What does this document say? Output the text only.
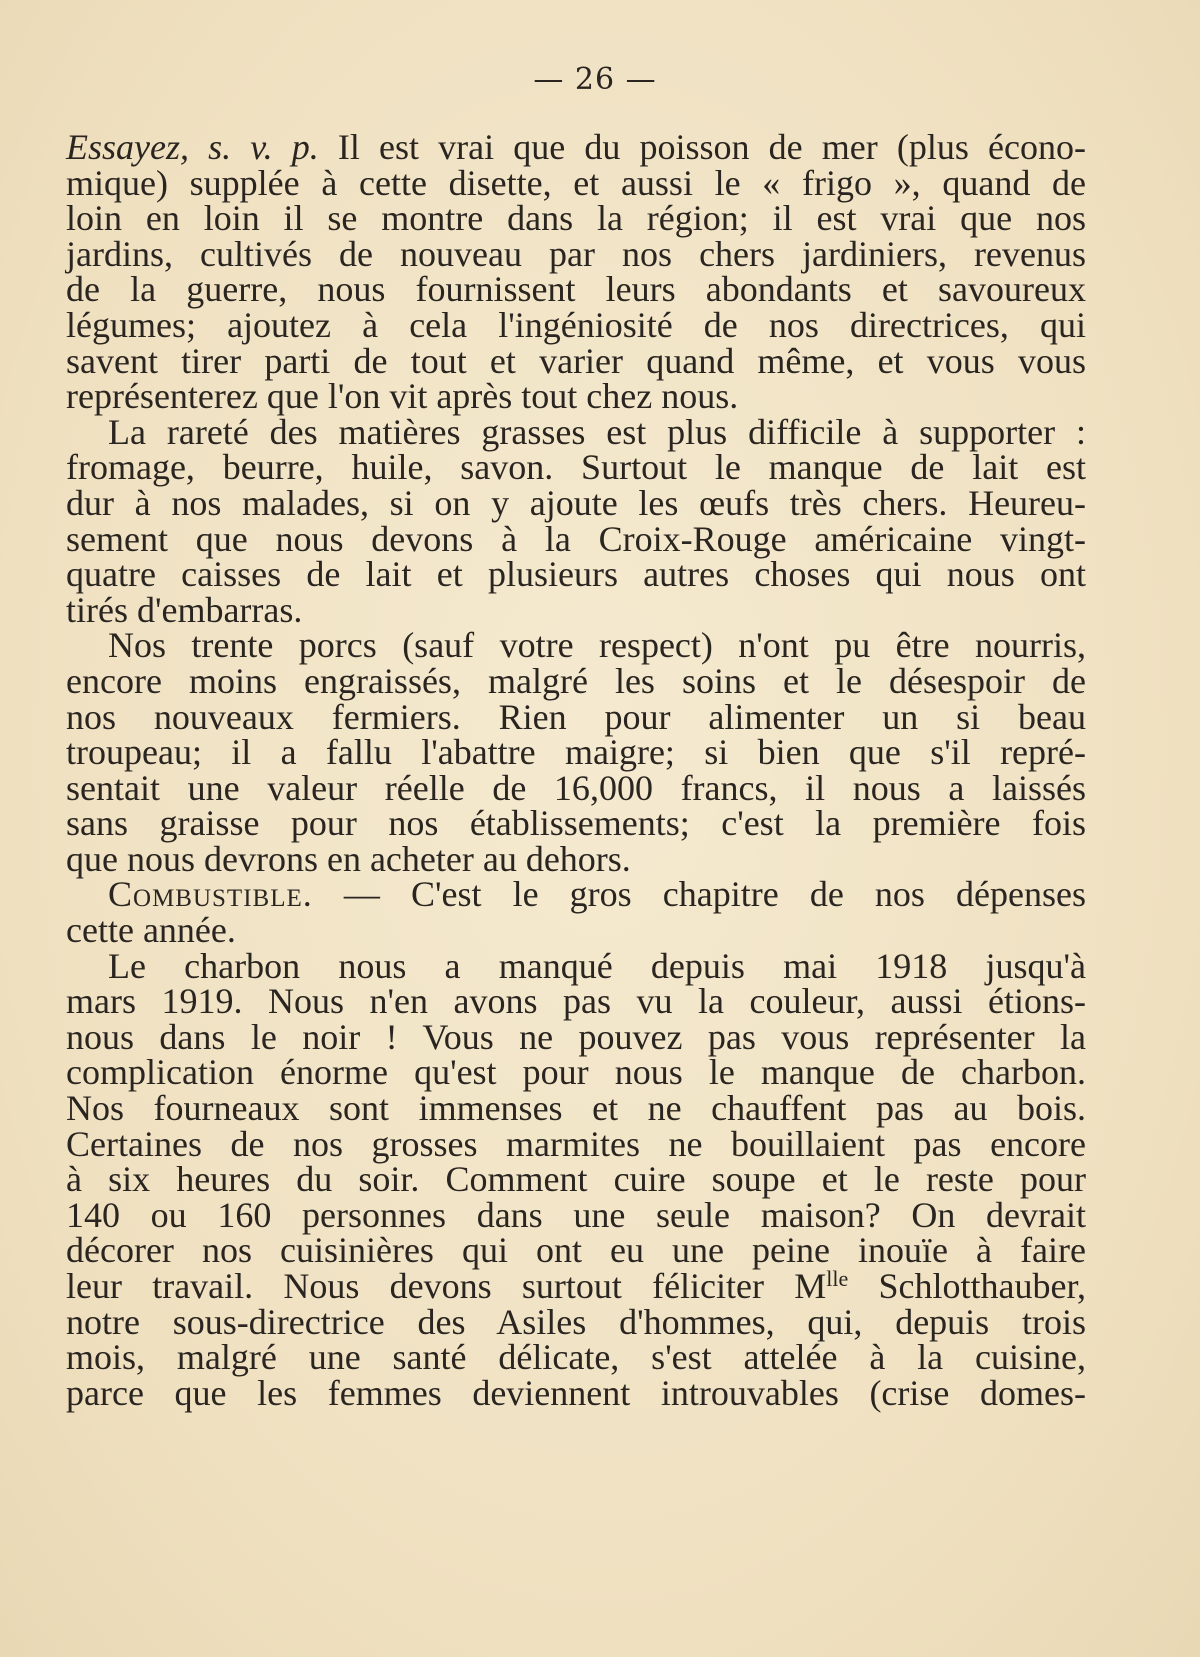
— 26 —
Essayez, s. v. p. Il est vrai que du poisson de mer (plus écono-
mique) supplée à cette disette, et aussi le « frigo », quand de
loin en loin il se montre dans la région; il est vrai que nos
jardins, cultivés de nouveau par nos chers jardiniers, revenus
de la guerre, nous fournissent leurs abondants et savoureux
légumes; ajoutez à cela l'ingéniosité de nos directrices, qui
savent tirer parti de tout et varier quand même, et vous vous
représenterez que l'on vit après tout chez nous.
La rareté des matières grasses est plus difficile à supporter :
fromage, beurre, huile, savon. Surtout le manque de lait est
dur à nos malades, si on y ajoute les œufs très chers. Heureu-
sement que nous devons à la Croix-Rouge américaine vingt-
quatre caisses de lait et plusieurs autres choses qui nous ont
tirés d'embarras.
Nos trente porcs (sauf votre respect) n'ont pu être nourris,
encore moins engraissés, malgré les soins et le désespoir de
nos nouveaux fermiers. Rien pour alimenter un si beau
troupeau; il a fallu l'abattre maigre; si bien que s'il repré-
sentait une valeur réelle de 16,000 francs, il nous a laissés
sans graisse pour nos établissements; c'est la première fois
que nous devrons en acheter au dehors.
Combustible. — C'est le gros chapitre de nos dépenses
cette année.
Le charbon nous a manqué depuis mai 1918 jusqu'à
mars 1919. Nous n'en avons pas vu la couleur, aussi étions-
nous dans le noir ! Vous ne pouvez pas vous représenter la
complication énorme qu'est pour nous le manque de charbon.
Nos fourneaux sont immenses et ne chauffent pas au bois.
Certaines de nos grosses marmites ne bouillaient pas encore
à six heures du soir. Comment cuire soupe et le reste pour
140 ou 160 personnes dans une seule maison? On devrait
décorer nos cuisinières qui ont eu une peine inouïe à faire
leur travail. Nous devons surtout féliciter $M^{lle}$ Schlotthauber,
notre sous-directrice des Asiles d'hommes, qui, depuis trois
mois, malgré une santé délicate, s'est attelée à la cuisine,
parce que les femmes deviennent introuvables (crise domes-
